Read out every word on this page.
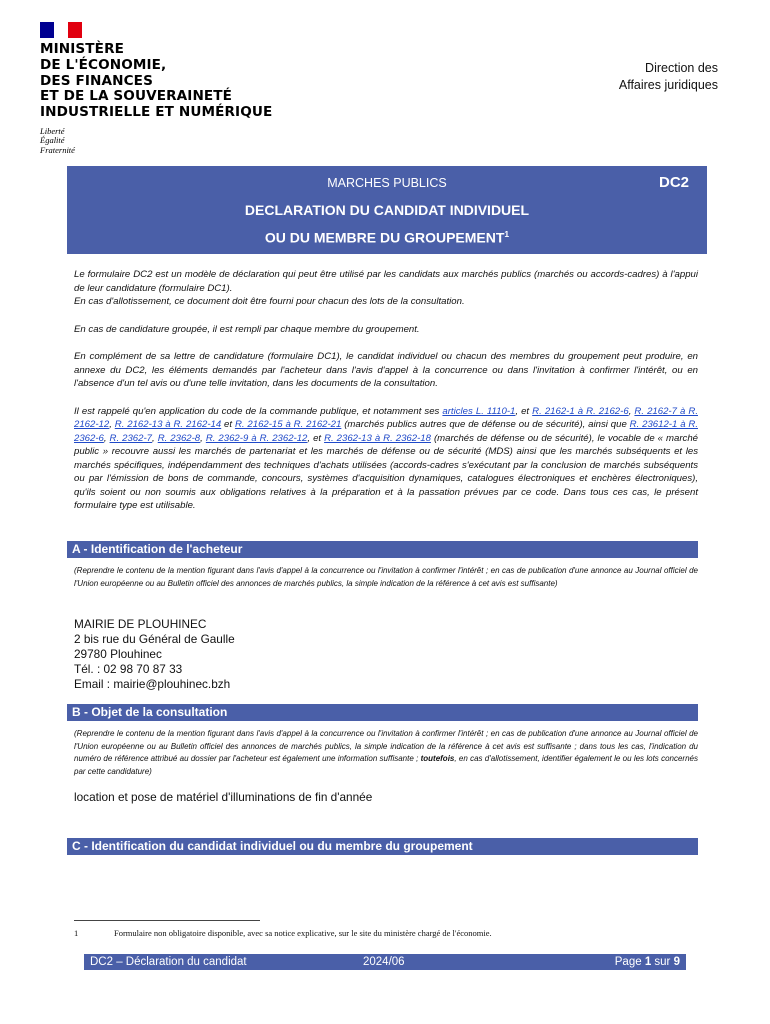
MINISTÈRE
DE L'ÉCONOMIE,
DES FINANCES
ET DE LA SOUVERAINETÉ
INDUSTRIELLE ET NUMÉRIQUE
Liberté
Égalité
Fraternité
Direction des
Affaires juridiques
MARCHES PUBLICS	DC2
DECLARATION DU CANDIDAT INDIVIDUEL
OU DU MEMBRE DU GROUPEMENT$^1$

Le formulaire DC2 est un modèle de déclaration qui peut être utilisé par les candidats aux marchés publics (marchés ou accords-cadres) à l'appui de leur candidature (formulaire DC1).
En cas d'allotissement, ce document doit être fourni pour chacun des lots de la consultation.

En cas de candidature groupée, il est rempli par chaque membre du groupement.

En complément de sa lettre de candidature (formulaire DC1), le candidat individuel ou chacun des membres du groupement peut produire, en annexe du DC2, les éléments demandés par l'acheteur dans l'avis d'appel à la concurrence ou dans l'invitation à confirmer l'intérêt, ou en l'absence d'un tel avis ou d'une telle invitation, dans les documents de la consultation.

Il est rappelé qu'en application du code de la commande publique, et notamment ses articles L. 1110-1, et R. 2162-1 à R. 2162-6, R. 2162-7 à R. 2162-12, R. 2162-13 à R. 2162-14 et R. 2162-15 à R. 2162-21 (marchés publics autres que de défense ou de sécurité), ainsi que R. 23612-1 à R. 2362-6, R. 2362-7, R. 2362-8, R. 2362-9 à R. 2362-12, et R. 2362-13 à R. 2362-18 (marchés de défense ou de sécurité), le vocable de « marché public » recouvre aussi les marchés de partenariat et les marchés de défense ou de sécurité (MDS) ainsi que les marchés subséquents et les marchés spécifiques, indépendamment des techniques d'achats utilisées (accords-cadres s'exécutant par la conclusion de marchés subséquents ou par l'émission de bons de commande, concours, systèmes d'acquisition dynamiques, catalogues électroniques et enchères électroniques), qu'ils soient ou non soumis aux obligations relatives à la préparation et à la passation prévues par ce code. Dans tous ces cas, le présent formulaire type est utilisable.

A - Identification de l'acheteur
(Reprendre le contenu de la mention figurant dans l'avis d'appel à la concurrence ou l'invitation à confirmer l'intérêt ; en cas de publication d'une annonce au Journal officiel de l'Union européenne ou au Bulletin officiel des annonces de marchés publics, la simple indication de la référence à cet avis est suffisante)
MAIRIE DE PLOUHINEC
2 bis rue du Général de Gaulle
29780 Plouhinec
Tél. : 02 98 70 87 33
Email : mairie@plouhinec.bzh
B - Objet de la consultation
(Reprendre le contenu de la mention figurant dans l'avis d'appel à la concurrence ou l'invitation à confirmer l'intérêt ; en cas de publication d'une annonce au Journal officiel de l'Union européenne ou au Bulletin officiel des annonces de marchés publics, la simple indication de la référence à cet avis est suffisante ; dans tous les cas, l'indication du numéro de référence attribué au dossier par l'acheteur est également une information suffisante ; toutefois, en cas d'allotissement, identifier également le ou les lots concernés par cette candidature)
location et pose de matériel d'illuminations de fin d'année
C - Identification du candidat individuel ou du membre du groupement
1	Formulaire non obligatoire disponible, avec sa notice explicative, sur le site du ministère chargé de l'économie.
DC2 – Déclaration du candidat	2024/06	Page 1 sur 9
